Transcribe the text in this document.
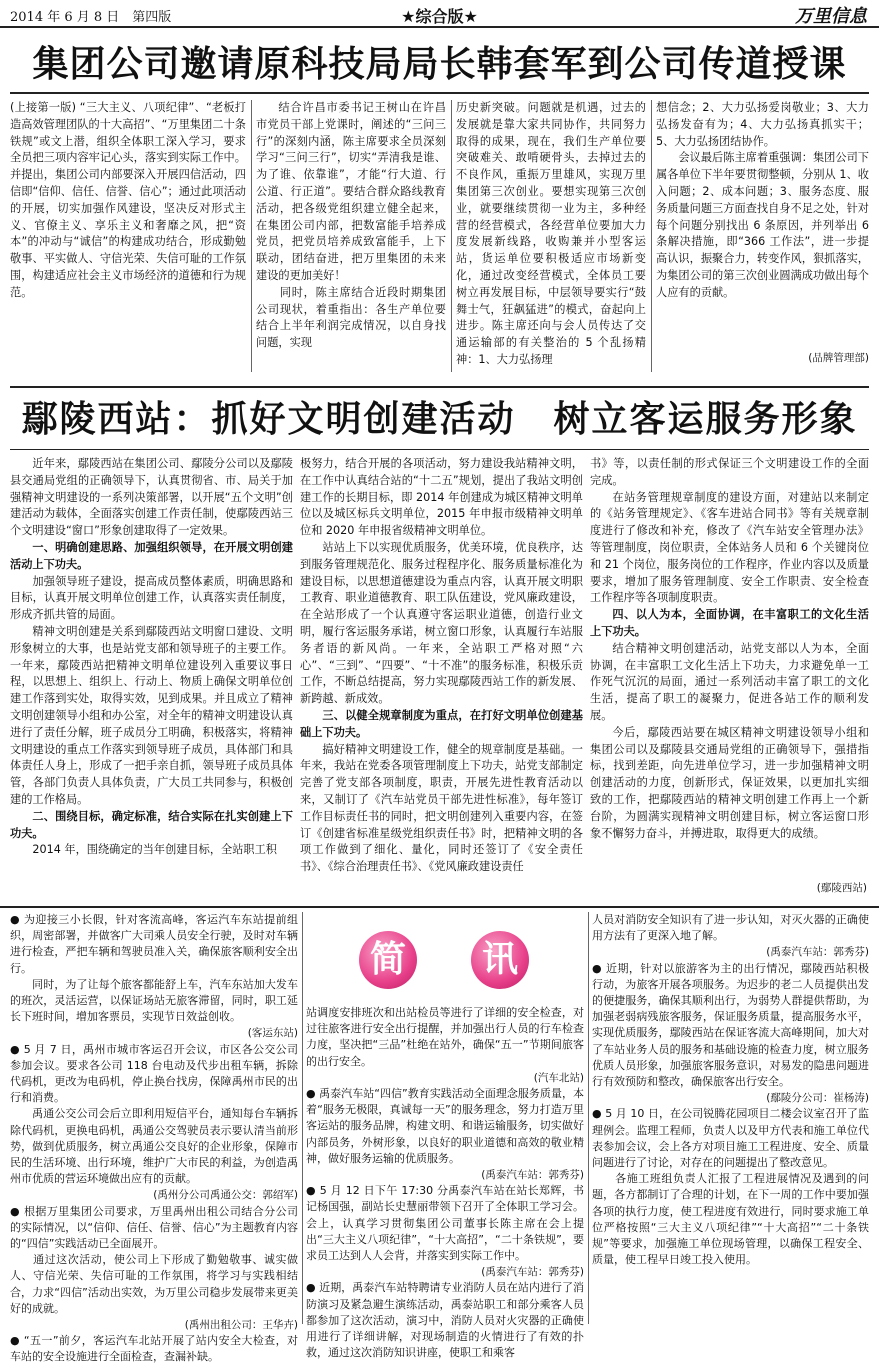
2014 年 6 月 8 日　第四版	★综合版★	万里信息
集团公司邀请原科技局局长韩套军到公司传道授课

(上接第一版) “三大主义、八项纪律”、“老板打造高效管理团队的十大高招”、“万里集团二十条铁规”或文上潜，组织全体职工深入学习，要求全员把三项内容牢记心头，落实到实际工作中。并提出，集团公司内部要深入开展四信活动，四信即“信仰、信任、信誉、信心”；通过此项活动的开展，切实加强作风建设，坚决反对形式主义、官僚主义、享乐主义和奢靡之风，把“资本”的冲动与“诚信”的构建成功结合，形成勤勉敬事、平实做人、守信光荣、失信可耻的工作氛围，构建适应社会主义市场经济的道德和行为规范。

结合许昌市委书记王树山在许昌市党员干部上党课时，阐述的“三问三行”的深刻内涵，陈主席要求全员深刻学习“三问三行”，切实“弄清我是谁、为了谁、依靠谁”，才能“行大道、行公道、行正道”。要结合群众路线教育活动，把各级党组织建立健全起来，在集团公司内部，把数富能手培养成党员，把党员培养成致富能手，上下联动，团结奋进，把万里集团的未来建设的更加美好！
　　同时，陈主席结合近段时期集团公司现状，着重指出：各生产单位要结合上半年利润完成情况，以自身找问题，实现

历史新突破。问题就是机遇，过去的发展就是靠大家共同协作，共同努力取得的成果，现在，我们生产单位要突破难关、敢啃硬骨头，去掉过去的不良作风，重振万里雄风，实现万里集团第三次创业。要想实现第三次创业，就要继续贯彻一业为主，多种经营的经营模式，各经营单位要加大力度发展新线路，收购兼并小型客运站，货运单位要积极适应市场新变化，通过改变经营模式，全体员工要树立再发展目标，中层领导要实行“鼓舞士气，狂飙猛进”的模式，奋起向上进步。陈主席还向与会人员传达了交通运输部的有关整治的 5 个乱扬精神：1、大力弘扬理

想信念；2、大力弘扬爱岗敬业；3、大力弘扬发奋有为；4、大力弘扬真抓实干；5、大力弘扬团结协作。

会议最后陈主席着重强调：集团公司下属各单位下半年要贯彻整顿，分别从 1、收入问题；2、成本问题；3、服务态度、服务质量问题三方面查找自身不足之处，针对每个问题分别找出 6 条原因，并列举出 6 条解决措施，即“366 工作法”，进一步提高认识，振聚合力，转变作风，狠抓落实，为集团公司的第三次创业圆满成功做出每个人应有的贡献。

(品牌管理部)
鄢陵西站：抓好文明创建活动　树立客运服务形象

近年来，鄢陵西站在集团公司、鄢陵分公司以及鄢陵县交通局党组的正确领导下，认真贯彻省、市、局关于加强精神文明建设的一系列决策部署，以开展“五个文明”创建活动为载体，全面落实创建工作责任制，使鄢陵西站三个文明建设“窗口”形象创建取得了一定效果。

一、明确创建思路、加强组织领导，在开展文明创建活动上下功夫。

加强领导班子建设，提高成员整体素质，明确思路和目标，认真开展文明单位创建工作，认真落实责任制度，形成齐抓共管的局面。

精神文明创建是关系到鄢陵西站文明窗口建设、文明形象树立的大事，也是站党支部和领导班子的主要工作。一年来，鄢陵西站把精神文明单位建设列入重要议事日程，以思想上、组织上、行动上、物质上确保文明单位创建工作落到实处，取得实效，见到成果。并且成立了精神文明创建领导小组和办公室，对全年的精神文明建设认真进行了责任分解，班子成员分工明确，积极落实，将精神文明建设的重点工作落实到领导班子成员，具体部门和具体责任人身上，形成了一把手亲自抓，领导班子成员具体管，各部门负责人具体负责，广大员工共同参与，积极创建的工作格局。

二、围绕目标，确定标准，结合实际在扎实创建上下功夫。

2014 年，围绕确定的当年创建目标，全站职工积

极努力，结合开展的各项活动，努力建设我站精神文明，在工作中认真结合站的“十二五”规划，提出了我站文明创建工作的长期目标，即 2014 年创建成为城区精神文明单位以及城区标兵文明单位，2015 年申报市级精神文明单位和 2020 年申报省级精神文明单位。

站站上下以实现优质服务，优美环境，优良秩序，达到服务管理规范化、服务过程程序化、服务质量标准化为建设目标，以思想道德建设为重点内容，认真开展文明职工教育、职业道德教育、职工队伍建设，党风廉政建设，在全站形成了一个认真遵守客运职业道德，创造行业文明，履行客运服务承诺，树立窗口形象，认真履行车站服务者语的新风尚。一年来，全站职工严格对照“六心”、“三到”、“四要”、“十不准”的服务标准，积极乐贡工作，不断总结提高，努力实现鄢陵西站工作的新发展、新跨越、新成效。

三、以健全规章制度为重点，在打好文明单位创建基础上下功夫。

搞好精神文明建设工作，健全的规章制度是基础。一年来，我站在党委各项管理制度上下功夫，站党支部制定完善了党支部各项制度，职责，开展先进性教育活动以来，又制订了《汽车站党员干部先进性标准》，每年签订工作目标责任书的同时，把文明创建列入重要内容，在签订《创建省标准星级党组织责任书》时，把精神文明的各项工作做到了细化、量化，同时还签订了《安全责任书》、《综合治理责任书》、《党风廉政建设责任

书》等，以责任制的形式保证三个文明建设工作的全面完成。

在站务管理规章制度的建设方面，对建站以来制定的《站务管理规定》、《客车进站合同书》等有关规章制度进行了修改和补充，修改了《汽车站安全管理办法》等管理制度，岗位职责，全体站务人员和 6 个关键岗位和 21 个岗位，服务岗位的工作程序，作业内容以及质量要求，增加了服务管理制度、安全工作职责、安全检查工作程序等各项制度职责。

四、以人为本，全面协调，在丰富职工的文化生活上下功夫。

结合精神文明创建活动，站党支部以人为本，全面协调，在丰富职工文化生活上下功夫，力求避免单一工作死气沉沉的局面，通过一系列活动丰富了职工的文化生活，提高了职工的凝聚力，促进各站工作的顺利发展。

今后，鄢陵西站要在城区精神文明建设领导小组和集团公司以及鄢陵县交通局党组的正确领导下，强措指标，找到差距，向先进单位学习，进一步加强精神文明创建活动的力度，创新形式，保证效果，以更加扎实细致的工作，把鄢陵西站的精神文明创建工作再上一个新台阶，为圆满实现精神文明创建目标，树立客运窗口形象不懈努力奋斗，并搏进取，取得更大的成绩。

(鄢陵西站)
简	讯

● 为迎接三小长假，针对客流高峰，客运汽车东站提前组织，周密部署，并做客广大司乘人员安全行驶，及时对车辆进行检查，严把车辆和驾驶员准入关，确保旅客顺利安全出行。
　　同时，为了让每个旅客都能舒上车，汽车东站加大发车的班次，灵活运营，以保证场站无旅客滞留，同时，职工延长下班时间，增加客票员，实现节日效益创收。

(客运东站)

● 5 月 7 日，禹州市城市客运召开会议，市区各公交公司参加会议。要求各公司 118 台电动及代步出租车辆，拆除代码机，更改为电码机，停止换台找房，保障禹州市民的出行和消费。
　　禹通公交公司会后立即利用短信平台，通知每台车辆拆除代码机，更换电码机，禹通公交驾驶员表示要认清当前形势，做到优质服务，树立禹通公交良好的企业形象，保障市民的生活环境、出行环境，维护广大市民的利益，为创造禹州市优质的营运环境做出应有的贡献。

(禹州分公司禹通公交：郭绍军)

● 根据万里集团公司要求，万里禹州出租公司结合分公司的实际情况，以“信仰、信任、信誉、信心”为主题教育内容的“四信”实践活动已全面展开。
　　通过这次活动，使公司上下形成了勤勉敬事、诚实做人、守信光荣、失信可耻的工作氛围，将学习与实践相结合，力求“四信”活动出实效，为万里公司稳步发展带来更美好的成就。

(禹州出租公司：王华卉)

● “五一”前夕，客运汽车北站开展了站内安全大检查，对车站的安全设施进行全面检查，查漏补缺。

站调度安排班次和出站检员等进行了详细的安全检查，对过往旅客进行安全出行提醒，并加强出行人员的行车检查力度，坚决把“三品”杜绝在站外，确保“五一”节期间旅客的出行安全。

(汽车北站)

● 禹泰汽车站“四信”教育实践活动全面理念服务质量，本着“服务无极限，真诚每一天”的服务理念，努力打造万里客运站的服务品牌，构建文明、和谐运输服务，切实做好内部员务，外树形象，以良好的职业道德和高效的敬业精神，做好服务运输的优质服务。

(禹泰汽车站：郭秀芬)

● 5 月 12 日下午 17:30 分禹泰汽车站在站长郑辉，书记杨国强，副站长史慧丽带领下召开了全体职工学习会。会上，认真学习贯彻集团公司董事长陈主席在会上提出“三大主义八项纪律”，“十大高招”，“二十条铁规”，要求员工达到人人会背，并落实到实际工作中。

(禹泰汽车站：郭秀芬)

● 近期，禹泰汽车站特聘请专业消防人员在站内进行了消防演习及紧急避生演练活动，禹泰站职工和部分乘客人员都参加了这次活动，演习中，消防人员对火灾器的正确使用进行了详细讲解，对现场制造的火情进行了有效的扑救，通过这次消防知识讲座，使职工和乘客

人员对消防安全知识有了进一步认知，对灭火器的正确使用方法有了更深入地了解。

(禹泰汽车站：郭秀芬)

● 近期，针对以旅游客为主的出行情况，鄢陵西站积极行动，为旅客开展各项服务。为迟步的老二人员提供出发的便捷服务，确保其顺利出行，为弱势人群提供帮助，为加强老弱病残旅客服务，保证服务质量，提高服务水平，实现优质服务，鄢陵西站在保证客流大高峰期间，加大对了车站业务人员的服务和基础设施的检查力度，树立服务优质人员形象，加强旅客服务意识，对易发的隐患问题进行有效预防和整改，确保旅客出行安全。

(鄢陵分公司：崔杨涛)

● 5 月 10 日，在公司锐腾花园项目二楼会议室召开了监理例会。监理工程师，负责人以及甲方代表和施工单位代表参加会议，会上各方对项目施工工程进度、安全、质量问题进行了讨论，对存在的问题提出了整改意见。
　　各施工班组负责人汇报了工程进展情况及遇到的问题，各方都制订了合理的计划，在下一周的工作中要加强各项的执行力度，使工程进度有效进行，同时要求施工单位严格按照“三大主义八项纪律”“十大高招”“二十条铁规”等要求，加强施工单位现场管理，以确保工程安全、质量，使工程早日竣工投入使用。
